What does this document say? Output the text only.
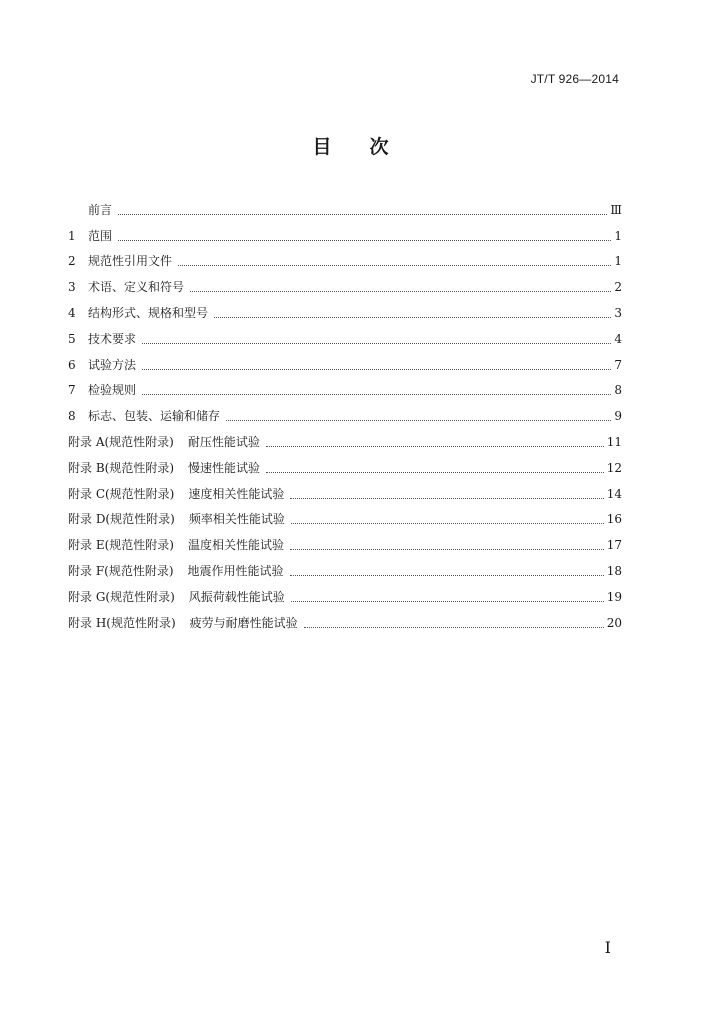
JT/T 926—2014
目 次
前言	Ⅲ
1 范围	1
2 规范性引用文件	1
3 术语、定义和符号	2
4 结构形式、规格和型号	3
5 技术要求	4
6 试验方法	7
7 检验规则	8
8 标志、包装、运输和储存	9
附录 A(规范性附录) 耐压性能试验	11
附录 B(规范性附录) 慢速性能试验	12
附录 C(规范性附录) 速度相关性能试验	14
附录 D(规范性附录) 频率相关性能试验	16
附录 E(规范性附录) 温度相关性能试验	17
附录 F(规范性附录) 地震作用性能试验	18
附录 G(规范性附录) 风振荷载性能试验	19
附录 H(规范性附录) 疲劳与耐磨性能试验	20
I
